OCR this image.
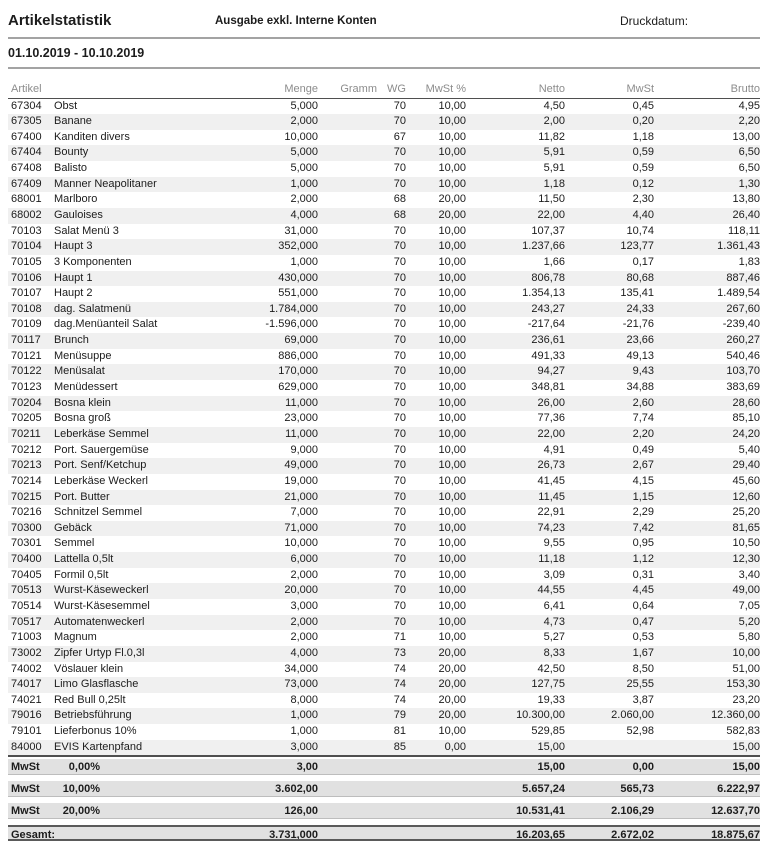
Artikelstatistik	Ausgabe exkl. Interne Konten	Druckdatum:
01.10.2019 - 10.10.2019
Artikel		Menge	Gramm	WG	MwSt %	Netto	MwSt	Brutto
67304	Obst	5,000		70	10,00	4,50	0,45	4,95
67305	Banane	2,000		70	10,00	2,00	0,20	2,20
67400	Kanditen divers	10,000		67	10,00	11,82	1,18	13,00
67404	Bounty	5,000		70	10,00	5,91	0,59	6,50
67408	Balisto	5,000		70	10,00	5,91	0,59	6,50
67409	Manner Neapolitaner	1,000		70	10,00	1,18	0,12	1,30
68001	Marlboro	2,000		68	20,00	11,50	2,30	13,80
68002	Gauloises	4,000		68	20,00	22,00	4,40	26,40
70103	Salat Menü 3	31,000		70	10,00	107,37	10,74	118,11
70104	Haupt 3	352,000		70	10,00	1.237,66	123,77	1.361,43
70105	3 Komponenten	1,000		70	10,00	1,66	0,17	1,83
70106	Haupt 1	430,000		70	10,00	806,78	80,68	887,46
70107	Haupt 2	551,000		70	10,00	1.354,13	135,41	1.489,54
70108	dag. Salatmenü	1.784,000		70	10,00	243,27	24,33	267,60
70109	dag.Menüanteil Salat	-1.596,000		70	10,00	-217,64	-21,76	-239,40
70117	Brunch	69,000		70	10,00	236,61	23,66	260,27
70121	Menüsuppe	886,000		70	10,00	491,33	49,13	540,46
70122	Menüsalat	170,000		70	10,00	94,27	9,43	103,70
70123	Menüdessert	629,000		70	10,00	348,81	34,88	383,69
70204	Bosna klein	11,000		70	10,00	26,00	2,60	28,60
70205	Bosna groß	23,000		70	10,00	77,36	7,74	85,10
70211	Leberkäse Semmel	11,000		70	10,00	22,00	2,20	24,20
70212	Port. Sauergemüse	9,000		70	10,00	4,91	0,49	5,40
70213	Port. Senf/Ketchup	49,000		70	10,00	26,73	2,67	29,40
70214	Leberkäse Weckerl	19,000		70	10,00	41,45	4,15	45,60
70215	Port. Butter	21,000		70	10,00	11,45	1,15	12,60
70216	Schnitzel Semmel	7,000		70	10,00	22,91	2,29	25,20
70300	Gebäck	71,000		70	10,00	74,23	7,42	81,65
70301	Semmel	10,000		70	10,00	9,55	0,95	10,50
70400	Lattella 0,5lt	6,000		70	10,00	11,18	1,12	12,30
70405	Formil 0,5lt	2,000		70	10,00	3,09	0,31	3,40
70513	Wurst-Käseweckerl	20,000		70	10,00	44,55	4,45	49,00
70514	Wurst-Käsesemmel	3,000		70	10,00	6,41	0,64	7,05
70517	Automatenweckerl	2,000		70	10,00	4,73	0,47	5,20
71003	Magnum	2,000		71	10,00	5,27	0,53	5,80
73002	Zipfer Urtyp Fl.0,3l	4,000		73	20,00	8,33	1,67	10,00
74002	Vöslauer klein	34,000		74	20,00	42,50	8,50	51,00
74017	Limo Glasflasche	73,000		74	20,00	127,75	25,55	153,30
74021	Red Bull 0,25lt	8,000		74	20,00	19,33	3,87	23,20
79016	Betriebsführung	1,000		79	20,00	10.300,00	2.060,00	12.360,00
79101	Lieferbonus 10%	1,000		81	10,00	529,85	52,98	582,83
84000	EVIS Kartenpfand	3,000		85	0,00	15,00		15,00
MwSt	0,00%	3,00	15,00	0,00	15,00
MwSt	10,00%	3.602,00	5.657,24	565,73	6.222,97
MwSt	20,00%	126,00	10.531,41	2.106,29	12.637,70
Gesamt:	3.731,000	16.203,65	2.672,02	18.875,67
